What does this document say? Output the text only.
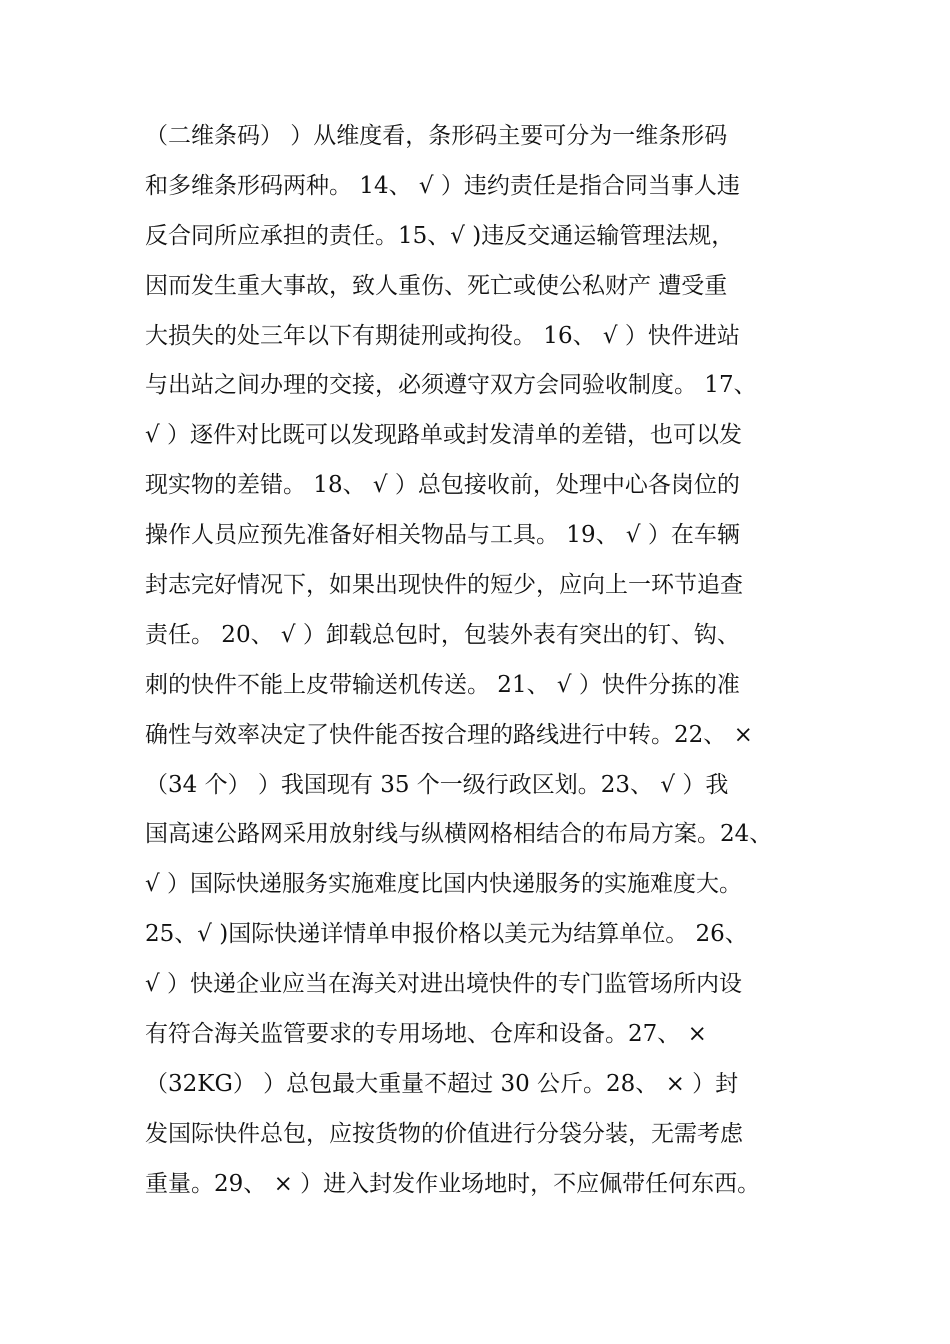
（二维条码） ）从维度看，条形码主要可分为一维条形码
和多维条形码两种。 14、 √ ）违约责任是指合同当事人违
反合同所应承担的责任。15、√ )违反交通运输管理法规，
因而发生重大事故，致人重伤、死亡或使公私财产 遭受重
大损失的处三年以下有期徒刑或拘役。 16、 √ ）快件进站
与出站之间办理的交接，必须遵守双方会同验收制度。 17、
√ ）逐件对比既可以发现路单或封发清单的差错，也可以发
现实物的差错。 18、 √ ）总包接收前，处理中心各岗位的
操作人员应预先准备好相关物品与工具。 19、 √ ）在车辆
封志完好情况下，如果出现快件的短少，应向上一环节追查
责任。 20、 √ ）卸载总包时，包装外表有突出的钉、钩、
刺的快件不能上皮带输送机传送。 21、 √ ）快件分拣的准
确性与效率决定了快件能否按合理的路线进行中转。22、 ×
（34 个） ）我国现有 35 个一级行政区划。23、 √ ）我
国高速公路网采用放射线与纵横网格相结合的布局方案。24、
√ ）国际快递服务实施难度比国内快递服务的实施难度大。
25、√ )国际快递详情单申报价格以美元为结算单位。 26、
√ ）快递企业应当在海关对进出境快件的专门监管场所内设
有符合海关监管要求的专用场地、仓库和设备。27、 ×
（32KG） ）总包最大重量不超过 30 公斤。28、 × ）封
发国际快件总包，应按货物的价值进行分袋分装，无需考虑
重量。29、 × ）进入封发作业场地时，不应佩带任何东西。
